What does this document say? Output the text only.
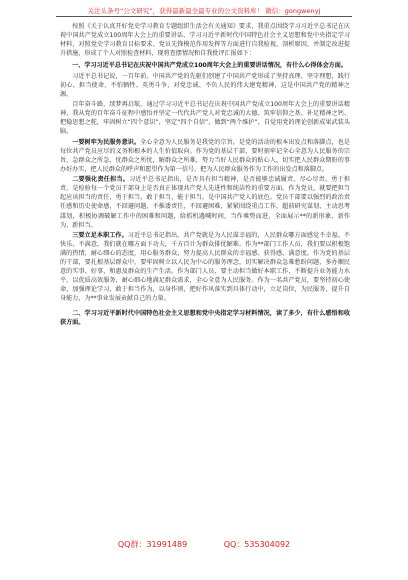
关注头条号“公文研究”，获得最新最全最专业的公文资料库！ 微信：gongwenyj

按照《关于认真开好党史学习教育专题组织生活会有关通知》要求，我重点围绕学习习近平总书记在庆祝中国共产党成立100周年大会上的重要讲话、学习习近平新时代中国特色社会主义思想和党中央指定学习材料，对照党史学习教育目标要求、党员先锋模范作用发挥等方面进行自我检视，剖析原因，并制定改进提升措施，形成了个人对照检查材料，现将查摆情况和自我批评汇报如下：

一、学习习近平总书记在庆祝中国共产党成立100周年大会上的重要讲话情况，有什么心得体会方面。

习近平总书记说，一百年前，中国共产党的先驱们创建了中国共产党形成了坚持真理、坚守理想，践行初心、担当使命，不怕牺牲、英勇斗争，对党忠诚、不负人民的伟大建党精神，这是中国共产党的精神之源。

百年奋斗路，续梦再启航。通过学习习近平总书记在庆祝中国共产党成立100周年大会上的重要讲话精神，我从党的百年奋斗征程中感悟并坚定一代代共产党人对党忠诚的大德、筑牢信仰之基、补足精神之钙、把稳思想之舵，牢固树立“四个意识”，坚定“四个自信”，做到“两个维护”，自觉用党的理论创新成果武装头脑。

一要树牢为民服务意识。全心全意为人民服务是我党的宗旨，是党的活动的根本出发点和落脚点，也是每位共产党员应尽的义务和根本的人生价值取向。作为党的基层干部，要时刻牢记全心全意为人民服务的宗旨，急群众之所急，忧群众之所忧，解群众之所难，努力当好人民群众的贴心人，切实把人民群众期盼的事办好办实，把人民群众的呼声和愿望作为第一信号，把为人民群众服务作为工作的出发点和落脚点。

二要强化责任担当。习近平总书记指出，是否具有担当精神，是否能够忠诚履责、尽心尽责、勇于担责，是检验每一个党员干部身上是否真正体现共产党人先进性和纯洁性的重要方面。作为党员，就要把担当起应该担当的责任，勇于担当，敢于担当，能于担当，是中国共产党人的底色。党员干部要以强烈的政治责任感和历史使命感，不回避问题，不推诿责任，不回避困难，紧紧围绕重点工作，超前研究谋划，主动思考謀划，积极协调破解工作中的困难和问题，给抓机遇喊时间，当作乘势而进，全面展示**的新形象、新作为、新担当。

三要立足本职工作。习近平总书记指出，共产党就是为人民谋幸福的，人民群众哪方面感觉不幸福、不快乐、不满意，我们就在哪方面下功夫，千方百计为群众排忧解难。作为**部门工作人员，我们要以积极饱满的热情，耐心细心的态度，用心服务群众，努力提高人民群众的幸福感、获得感、满意度。作为党的基层的干部，要扎根基层群众中，要牢固树立以人民为中心的服务理念，切实解决群众急难愁盼问题，多办顺民意的实事、好事，和惠及群众的生产生活。作为部门人员，要主动担当做好本职工作，不断提升业务能力水平，以优质高效服务，耐心细心地满足群众需求，全心全意为人民服务。作为一名共产党员，要坚持初心使命，加强理论学习，敢于担当作为，以身作则，把好作风落实到具体行动中，立足岗位，为民服务，提升自身能力，为**事业发展贡献自己的力量。

二、学习习近平新时代中国特色社会主义思想和党中央指定学习材料情况，读了多少，有什么感悟和收获方面。

QQ群：31991489	QQ：535304092
